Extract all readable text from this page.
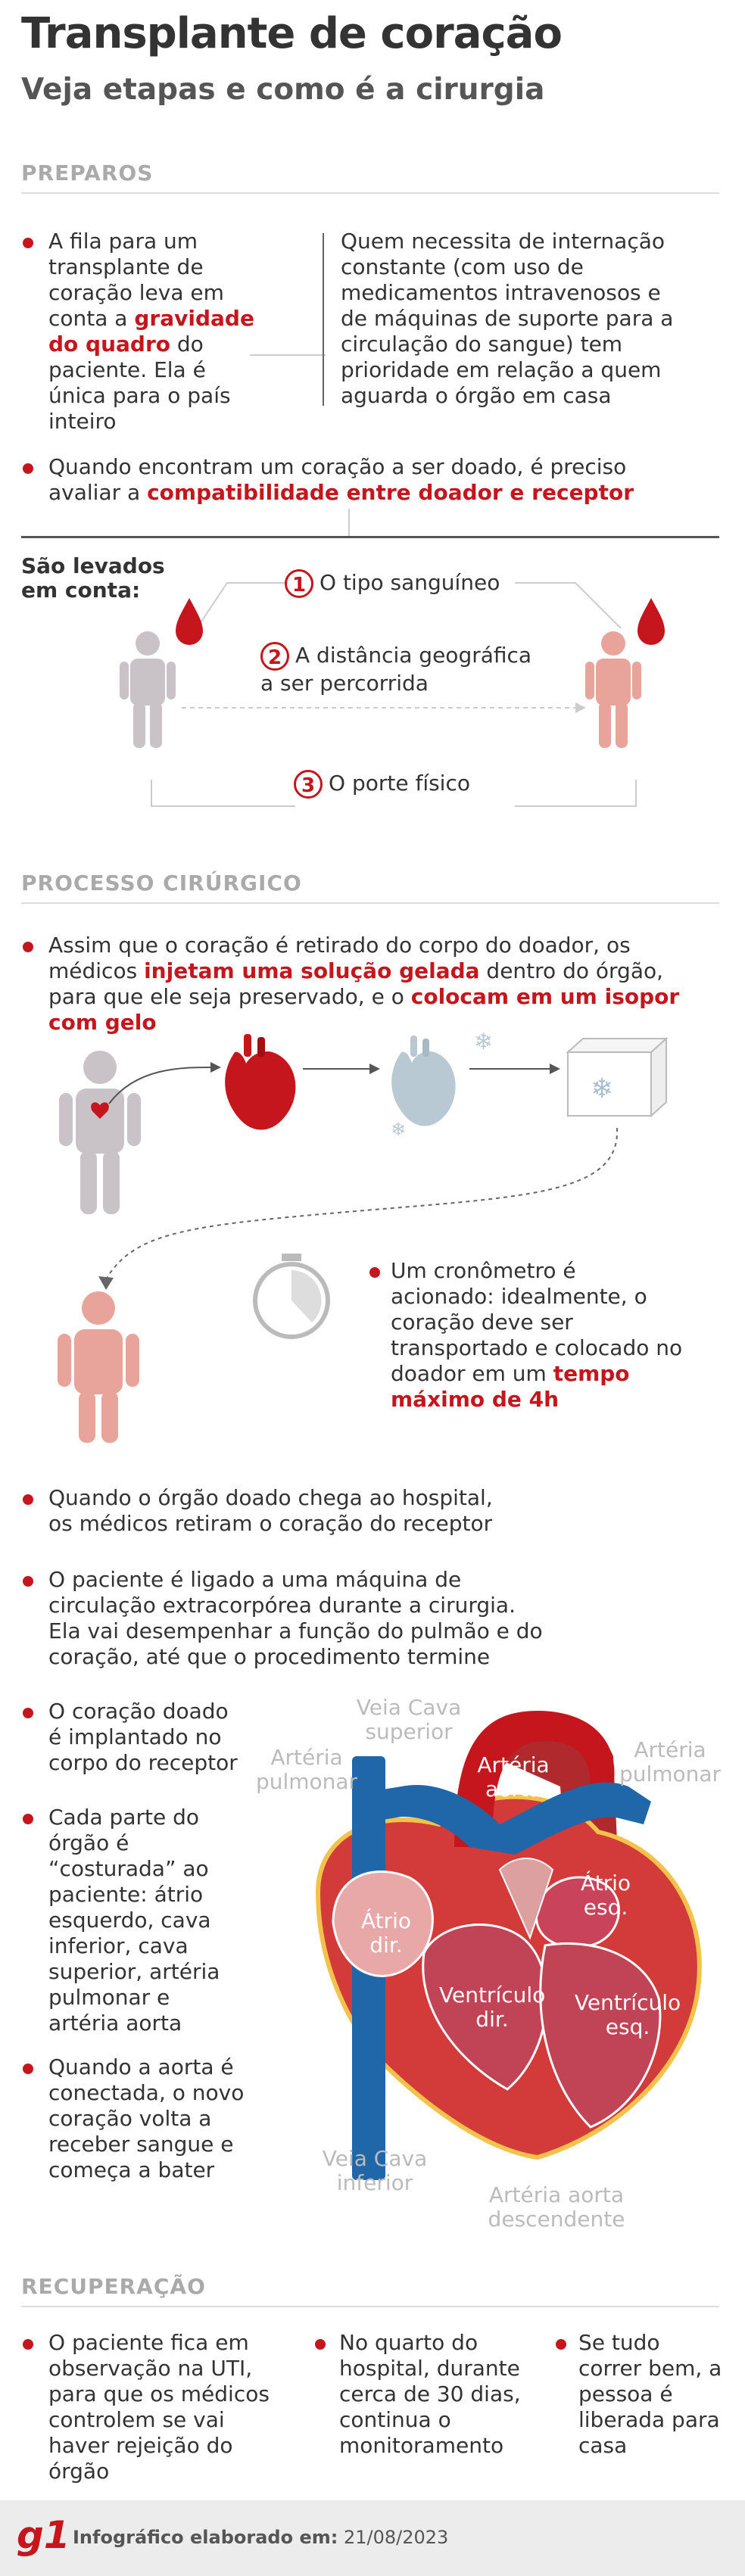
Transplante de coração
Veja etapas e como é a cirurgia
PREPAROS
A fila para um transplante de coração leva em conta a gravidade do quadro do paciente. Ela é única para o país inteiro
Quem necessita de internação constante (com uso de medicamentos intravenosos e de máquinas de suporte para a circulação do sangue) tem prioridade em relação a quem aguarda o órgão em casa
Quando encontram um coração a ser doado, é preciso avaliar a compatibilidade entre doador e receptor
São levados em conta:	1 O tipo sanguíneo
2 A distância geográfica a ser percorrida
3 O porte físico
PROCESSO CIRÚRGICO
Assim que o coração é retirado do corpo do doador, os médicos injetam uma solução gelada dentro do órgão, para que ele seja preservado, e o colocam em um isopor com gelo
❄
❄
❄
Um cronômetro é acionado: idealmente, o coração deve ser transportado e colocado no doador em um tempo máximo de 4h
Quando o órgão doado chega ao hospital, os médicos retiram o coração do receptor
O paciente é ligado a uma máquina de circulação extracorpórea durante a cirurgia. Ela vai desempenhar a função do pulmão e do coração, até que o procedimento termine
O coração doado é implantado no corpo do receptor
Cada parte do órgão é “costurada” ao paciente: átrio esquerdo, cava inferior, cava superior, artéria pulmonar e artéria aorta
Quando a aorta é conectada, o novo coração volta a receber sangue e começa a bater
Veia Cava superior
Artéria pulmonar
Artéria pulmonar
Artéria aorta
Átrio esq.
Átrio dir.
Ventrículo dir.
Ventrículo esq.
Veia Cava inferior	Artéria aorta descendente
RECUPERAÇÃO
O paciente fica em observação na UTI, para que os médicos controlem se vai haver rejeição do órgão
No quarto do hospital, durante cerca de 30 dias, continua o monitoramento
Se tudo correr bem, a pessoa é liberada para casa
g1 Infográfico elaborado em: 21/08/2023
